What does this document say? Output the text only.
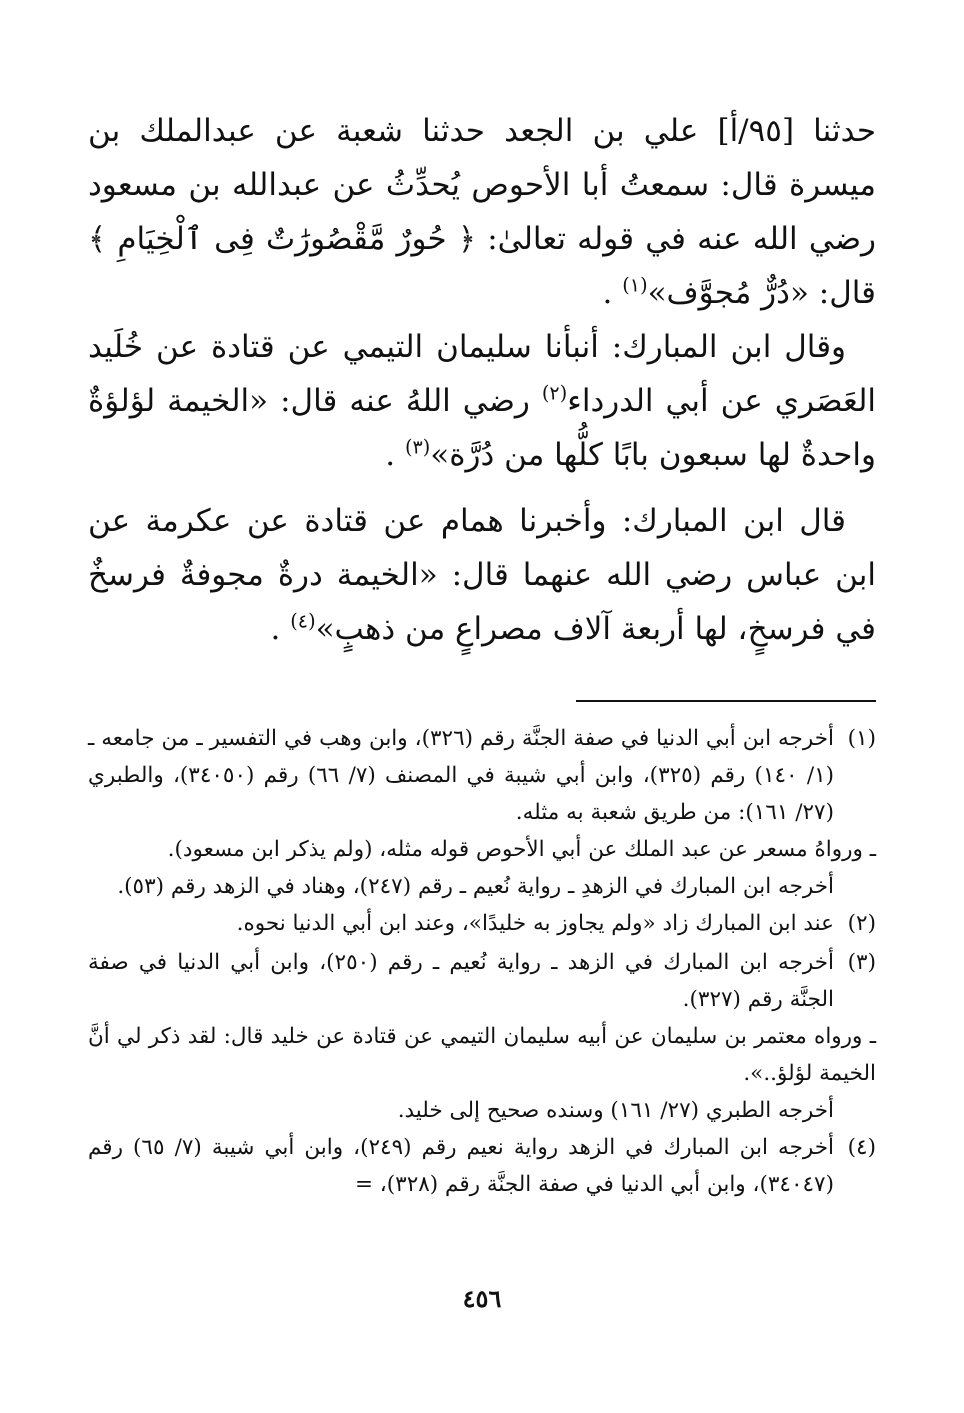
حدثنا [٩٥/أ] علي بن الجعد حدثنا شعبة عن عبدالملك بن ميسرة قال: سمعتُ أبا الأحوص يُحدِّثُ عن عبدالله بن مسعود رضي الله عنه في قوله تعالىٰ: ﴿ حُورٌ مَّقْصُورَٰتٌ فِى ٱلْخِيَامِ ﴾ قال: «دُرٌّ مُجوَّف»$^{(١)}$ .

وقال ابن المبارك: أنبأنا سليمان التيمي عن قتادة عن خُلَيد العَصَري عن أبي الدرداء$^{(٢)}$ رضي اللهُ عنه قال: «الخيمة لؤلؤةٌ واحدةٌ لها سبعون بابًا كلُّها من دُرَّة»$^{(٣)}$ .

قال ابن المبارك: وأخبرنا همام عن قتادة عن عكرمة عن ابن عباس رضي الله عنهما قال: «الخيمة درةٌ مجوفةٌ فرسخٌ في فرسخٍ، لها أربعة آلاف مصراعٍ من ذهبٍ»$^{(٤)}$ .

(١)

أخرجه ابن أبي الدنيا في صفة الجنَّة رقم (٣٢٦)، وابن وهب في التفسير ـ من جامعه ـ (١/ ١٤٠) رقم (٣٢٥)، وابن أبي شيبة في المصنف (٧/ ٦٦) رقم (٣٤٠٥٠)، والطبري (٢٧/ ١٦١): من طريق شعبة به مثله.

ـ ورواهُ مسعر عن عبد الملك عن أبي الأحوص قوله مثله، (ولم يذكر ابن مسعود).

أخرجه ابن المبارك في الزهدِ ـ رواية نُعيم ـ رقم (٢٤٧)، وهناد في الزهد رقم (٥٣).

(٢)

عند ابن المبارك زاد «ولم يجاوز به خليدًا»، وعند ابن أبي الدنيا نحوه.

(٣)

أخرجه ابن المبارك في الزهد ـ رواية نُعيم ـ رقم (٢٥٠)، وابن أبي الدنيا في صفة الجنَّة رقم (٣٢٧).

ـ ورواه معتمر بن سليمان عن أبيه سليمان التيمي عن قتادة عن خليد قال: لقد ذكر لي أنَّ الخيمة لؤلؤ..».

أخرجه الطبري (٢٧/ ١٦١) وسنده صحيح إلى خليد.

(٤)

أخرجه ابن المبارك في الزهد رواية نعيم رقم (٢٤٩)، وابن أبي شيبة (٧/ ٦٥) رقم (٣٤٠٤٧)، وابن أبي الدنيا في صفة الجنَّة رقم (٣٢٨)، =

٤٥٦
